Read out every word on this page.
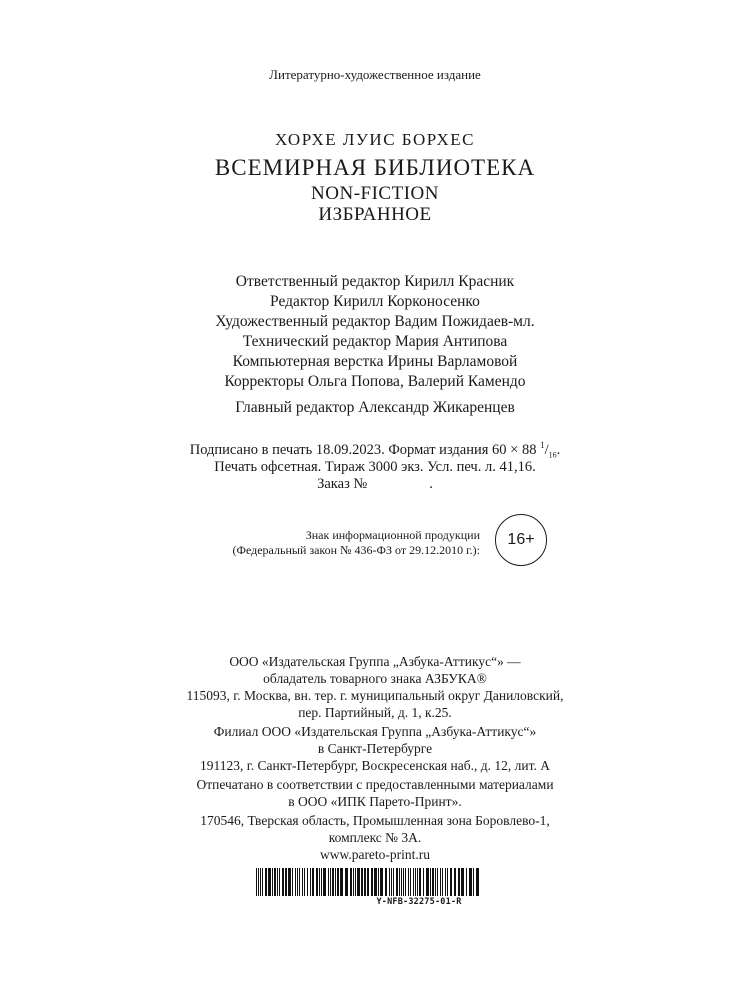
Литературно-художественное издание
ХОРХЕ ЛУИС БОРХЕС
ВСЕМИРНАЯ БИБЛИОТЕКА
NON-FICTION
ИЗБРАННОЕ
Ответственный редактор Кирилл Красник
Редактор Кирилл Корконосенко
Художественный редактор Вадим Пожидаев-мл.
Технический редактор Мария Антипова
Компьютерная верстка Ирины Варламовой
Корректоры Ольга Попова, Валерий Камендо
Главный редактор Александр Жикаренцев
Подписано в печать 18.09.2023. Формат издания 60 × 88 $^1/_{16}$.
Печать офсетная. Тираж 3000 экз. Усл. печ. л. 41,16.
Заказ №	.
Знак информационной продукции
(Федеральный закон № 436-ФЗ от 29.12.2010 г.):
16+
ООО «Издательская Группа „Азбука-Аттикус“» —
обладатель товарного знака АЗБУКА®
115093, г. Москва, вн. тер. г. муниципальный округ Даниловский,
пер. Партийный, д. 1, к.25.
Филиал ООО «Издательская Группа „Азбука-Аттикус“»
в Санкт-Петербурге
191123, г. Санкт-Петербург, Воскресенская наб., д. 12, лит. А
Отпечатано в соответствии с предоставленными материалами
в ООО «ИПК Парето-Принт».
170546, Тверская область, Промышленная зона Боровлево-1,
комплекс № 3А.
www.pareto-print.ru
Y-NFB-32275-01-R
